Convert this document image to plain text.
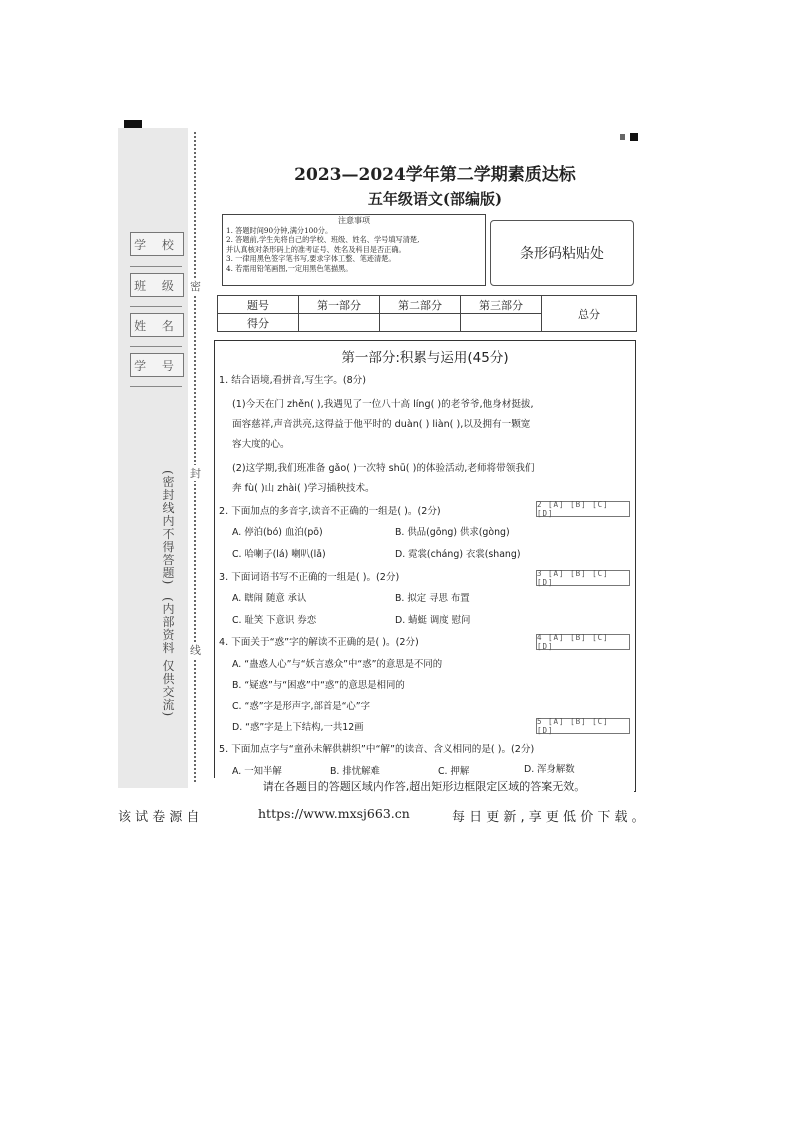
学 校
班 级
姓 名
学 号
(密封线内不得答题)
(内部资料 仅供交流)
密
封
线
2023—2024学年第二学期素质达标
五年级语文(部编版)
注意事项
1. 答题时间90分钟,满分100分。
2. 答题前,学生先将自己的学校、班级、姓名、学号填写清楚,
并认真核对条形码上的准考证号、姓名及科目是否正确。
3. 一律用黑色签字笔书写,要求字体工整、笔迹清楚。
4. 若需用铅笔画图,一定用黑色笔描黑。
条形码粘贴处
题号	第一部分	第二部分	第三部分	总分
得分				
第一部分:积累与运用(45分)
1. 结合语境,看拼音,写生字。(8分)
(1)今天在门 zhěn( ),我遇见了一位八十高 líng( )的老爷爷,他身材挺拔,
面容慈祥,声音洪亮,这得益于他平时的 duàn( ) liàn( ),以及拥有一颗宽
容大度的心。
(2)这学期,我们班准备 gǎo( )一次特 shū( )的体验活动,老师将带领我们
奔 fù( )山 zhài( )学习插秧技术。
2. 下面加点的多音字,读音不正确的一组是( )。(2分)
2 [A] [B] [C] [D]
A. 停泊(bó) 血泊(pō)	B. 供品(gōng) 供求(gòng)
C. 哈喇子(lá) 喇叭(lǎ)	D. 霓裳(cháng) 衣裳(shang)
3. 下面词语书写不正确的一组是( )。(2分)	3 [A] [B] [C] [D]
A. 瞎闹 随意 承认	B. 拟定 寻思 布置
C. 耻笑 下意识 券恋	D. 蜻蜓 调度 慰问
4. 下面关于“惑”字的解读不正确的是( )。(2分)	4 [A] [B] [C] [D]
A. “蛊惑人心”与“妖言惑众”中“惑”的意思是不同的
B. “疑惑”与“困惑”中“惑”的意思是相同的
C. “惑”字是形声字,部首是“心”字
D. “惑”字是上下结构,一共12画
5 [A] [B] [C] [D]
5. 下面加点字与“童孙未解供耕织”中“解”的读音、含义相同的是( )。(2分)
A. 一知半解	B. 排忧解难	C. 押解	D. 浑身解数
请在各题目的答题区域内作答,超出矩形边框限定区域的答案无效。
该 试 卷 源 自	https://www.mxsj663.cn	每 日 更 新 , 享 更 低 价 下 载 。
